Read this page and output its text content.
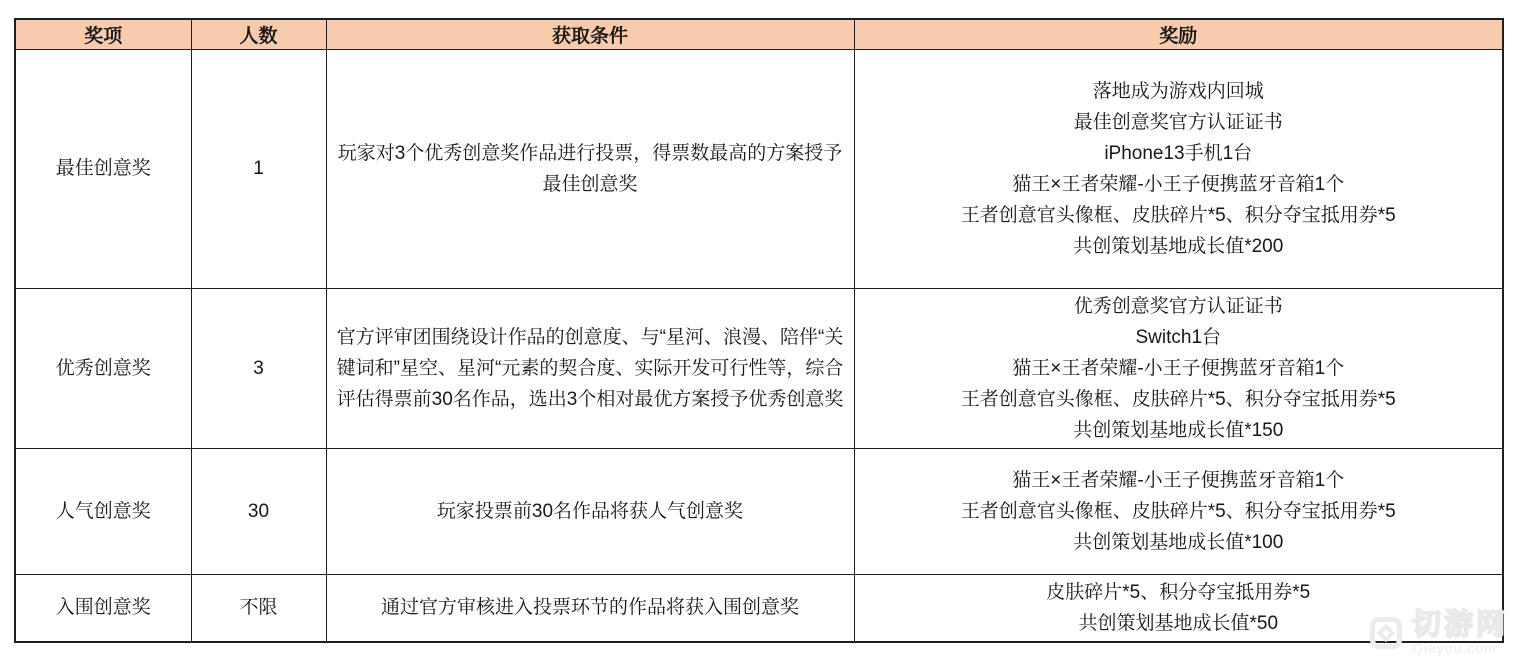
奖项	人数	获取条件	奖励
最佳创意奖	1	玩家对3个优秀创意奖作品进行投票，得票数最高的方案授予最佳创意奖	
落地成为游戏内回城
最佳创意奖官方认证证书
iPhone13手机1台
猫王×王者荣耀-小王子便携蓝牙音箱1个
王者创意官头像框、皮肤碎片*5、积分夺宝抵用券*5
共创策划基地成长值*200

优秀创意奖	3	官方评审团围绕设计作品的创意度、与“星河、浪漫、陪伴“关键词和”星空、星河“元素的契合度、实际开发可行性等，综合评估得票前30名作品，选出3个相对最优方案授予优秀创意奖	优秀创意奖官方认证证书
Switch1台
猫王×王者荣耀-小王子便携蓝牙音箱1个
王者创意官头像框、皮肤碎片*5、积分夺宝抵用券*5
共创策划基地成长值*150

人气创意奖	30	玩家投票前30名作品将获人气创意奖	猫王×王者荣耀-小王子便携蓝牙音箱1个
王者创意官头像框、皮肤碎片*5、积分夺宝抵用券*5
共创策划基地成长值*100

入围创意奖	不限	通过官方审核进入投票环节的作品将获入围创意奖	皮肤碎片*5、积分夺宝抵用券*5
共创策划基地成长值*50	切游网
Qieyou.com
